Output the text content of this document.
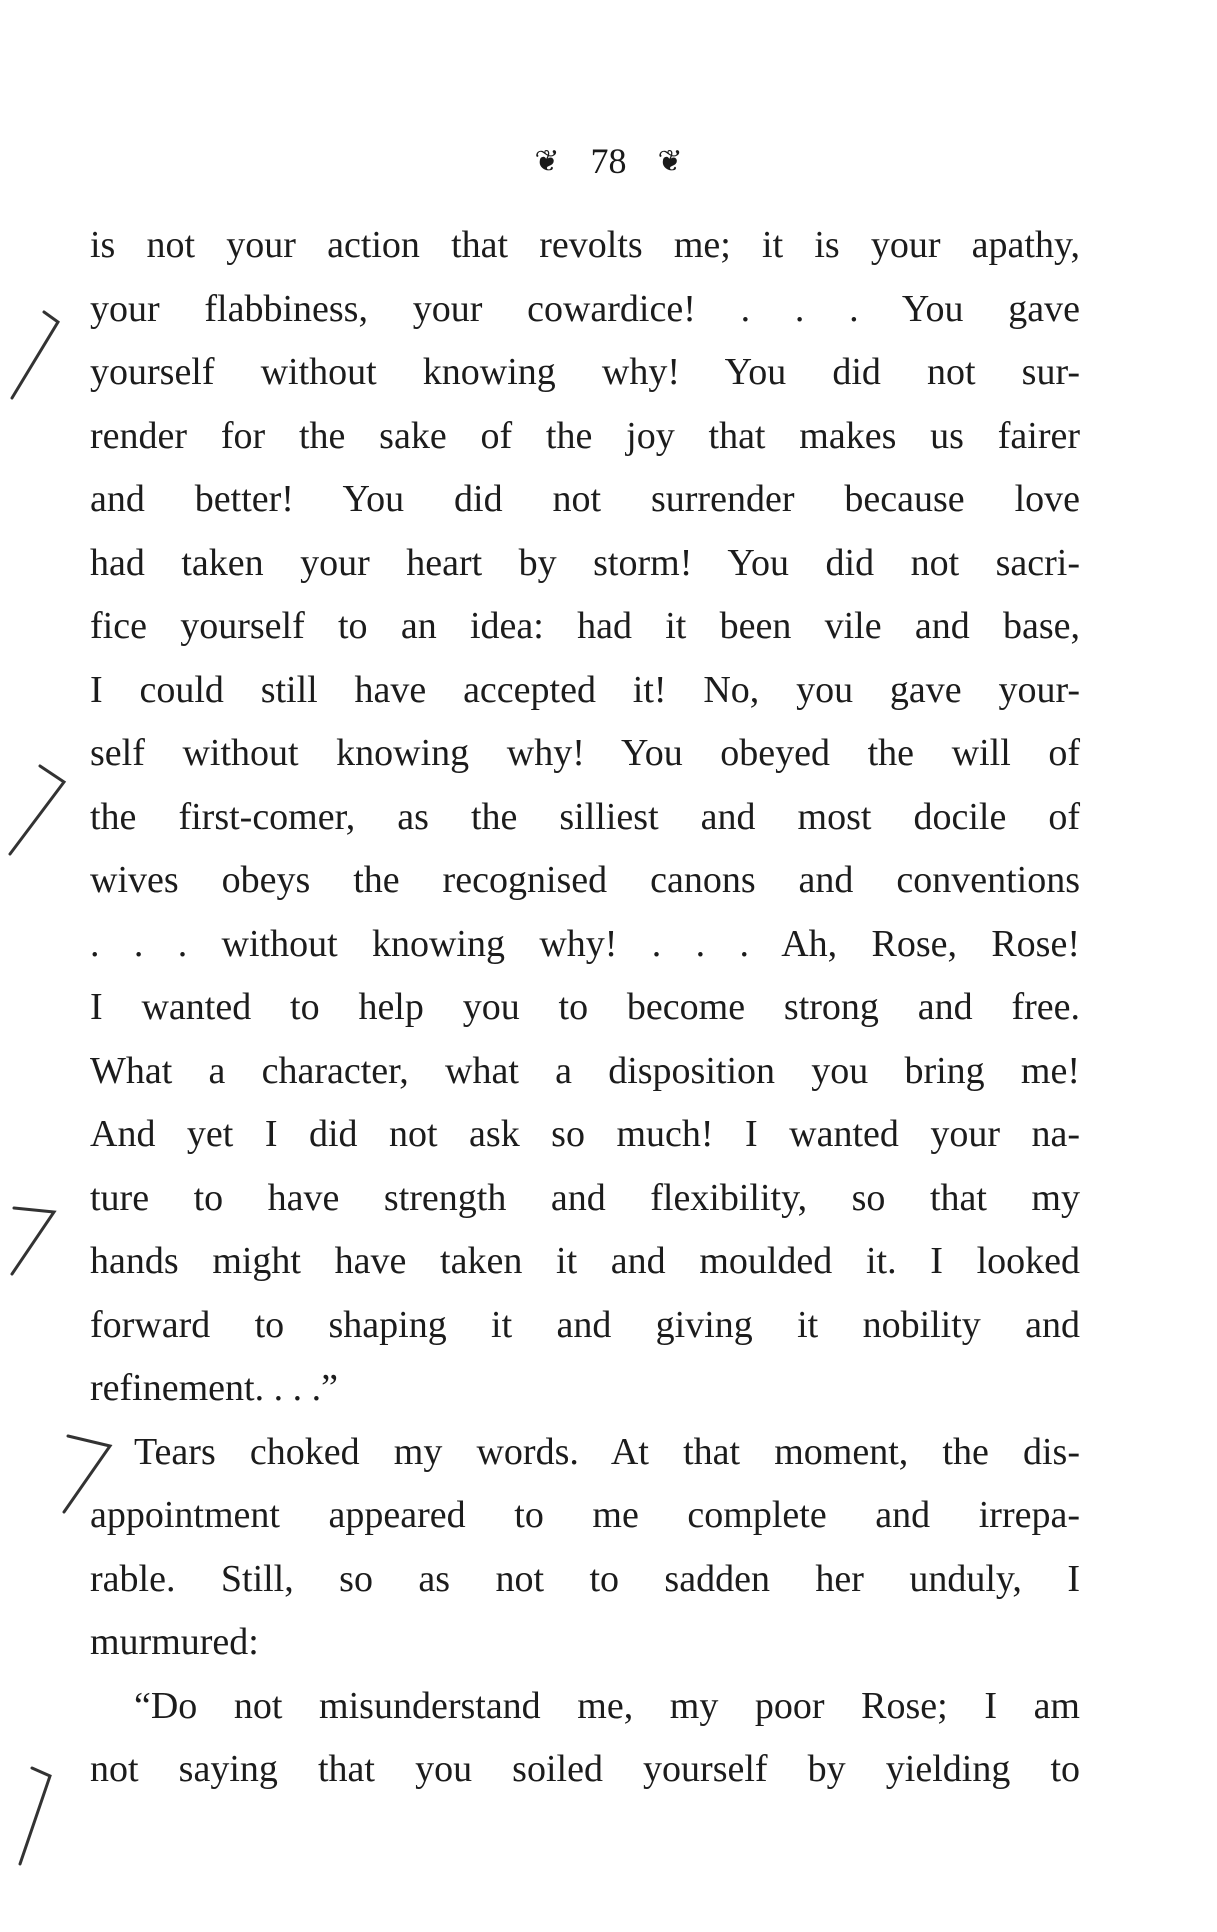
❦ 78 ❦
is not your action that revolts me; it is your apathy,
your flabbiness, your cowardice! . . . You gave
yourself without knowing why! You did not sur-
render for the sake of the joy that makes us fairer
and better! You did not surrender because love
had taken your heart by storm! You did not sacri-
fice yourself to an idea: had it been vile and base,
I could still have accepted it! No, you gave your-
self without knowing why! You obeyed the will of
the first-comer, as the silliest and most docile of
wives obeys the recognised canons and conventions
. . . without knowing why! . . . Ah, Rose, Rose!
I wanted to help you to become strong and free.
What a character, what a disposition you bring me!
And yet I did not ask so much! I wanted your na-
ture to have strength and flexibility, so that my
hands might have taken it and moulded it. I looked
forward to shaping it and giving it nobility and
refinement. . . .”
Tears choked my words. At that moment, the dis-
appointment appeared to me complete and irrepa-
rable. Still, so as not to sadden her unduly, I
murmured:
“Do not misunderstand me, my poor Rose; I am
not saying that you soiled yourself by yielding to
